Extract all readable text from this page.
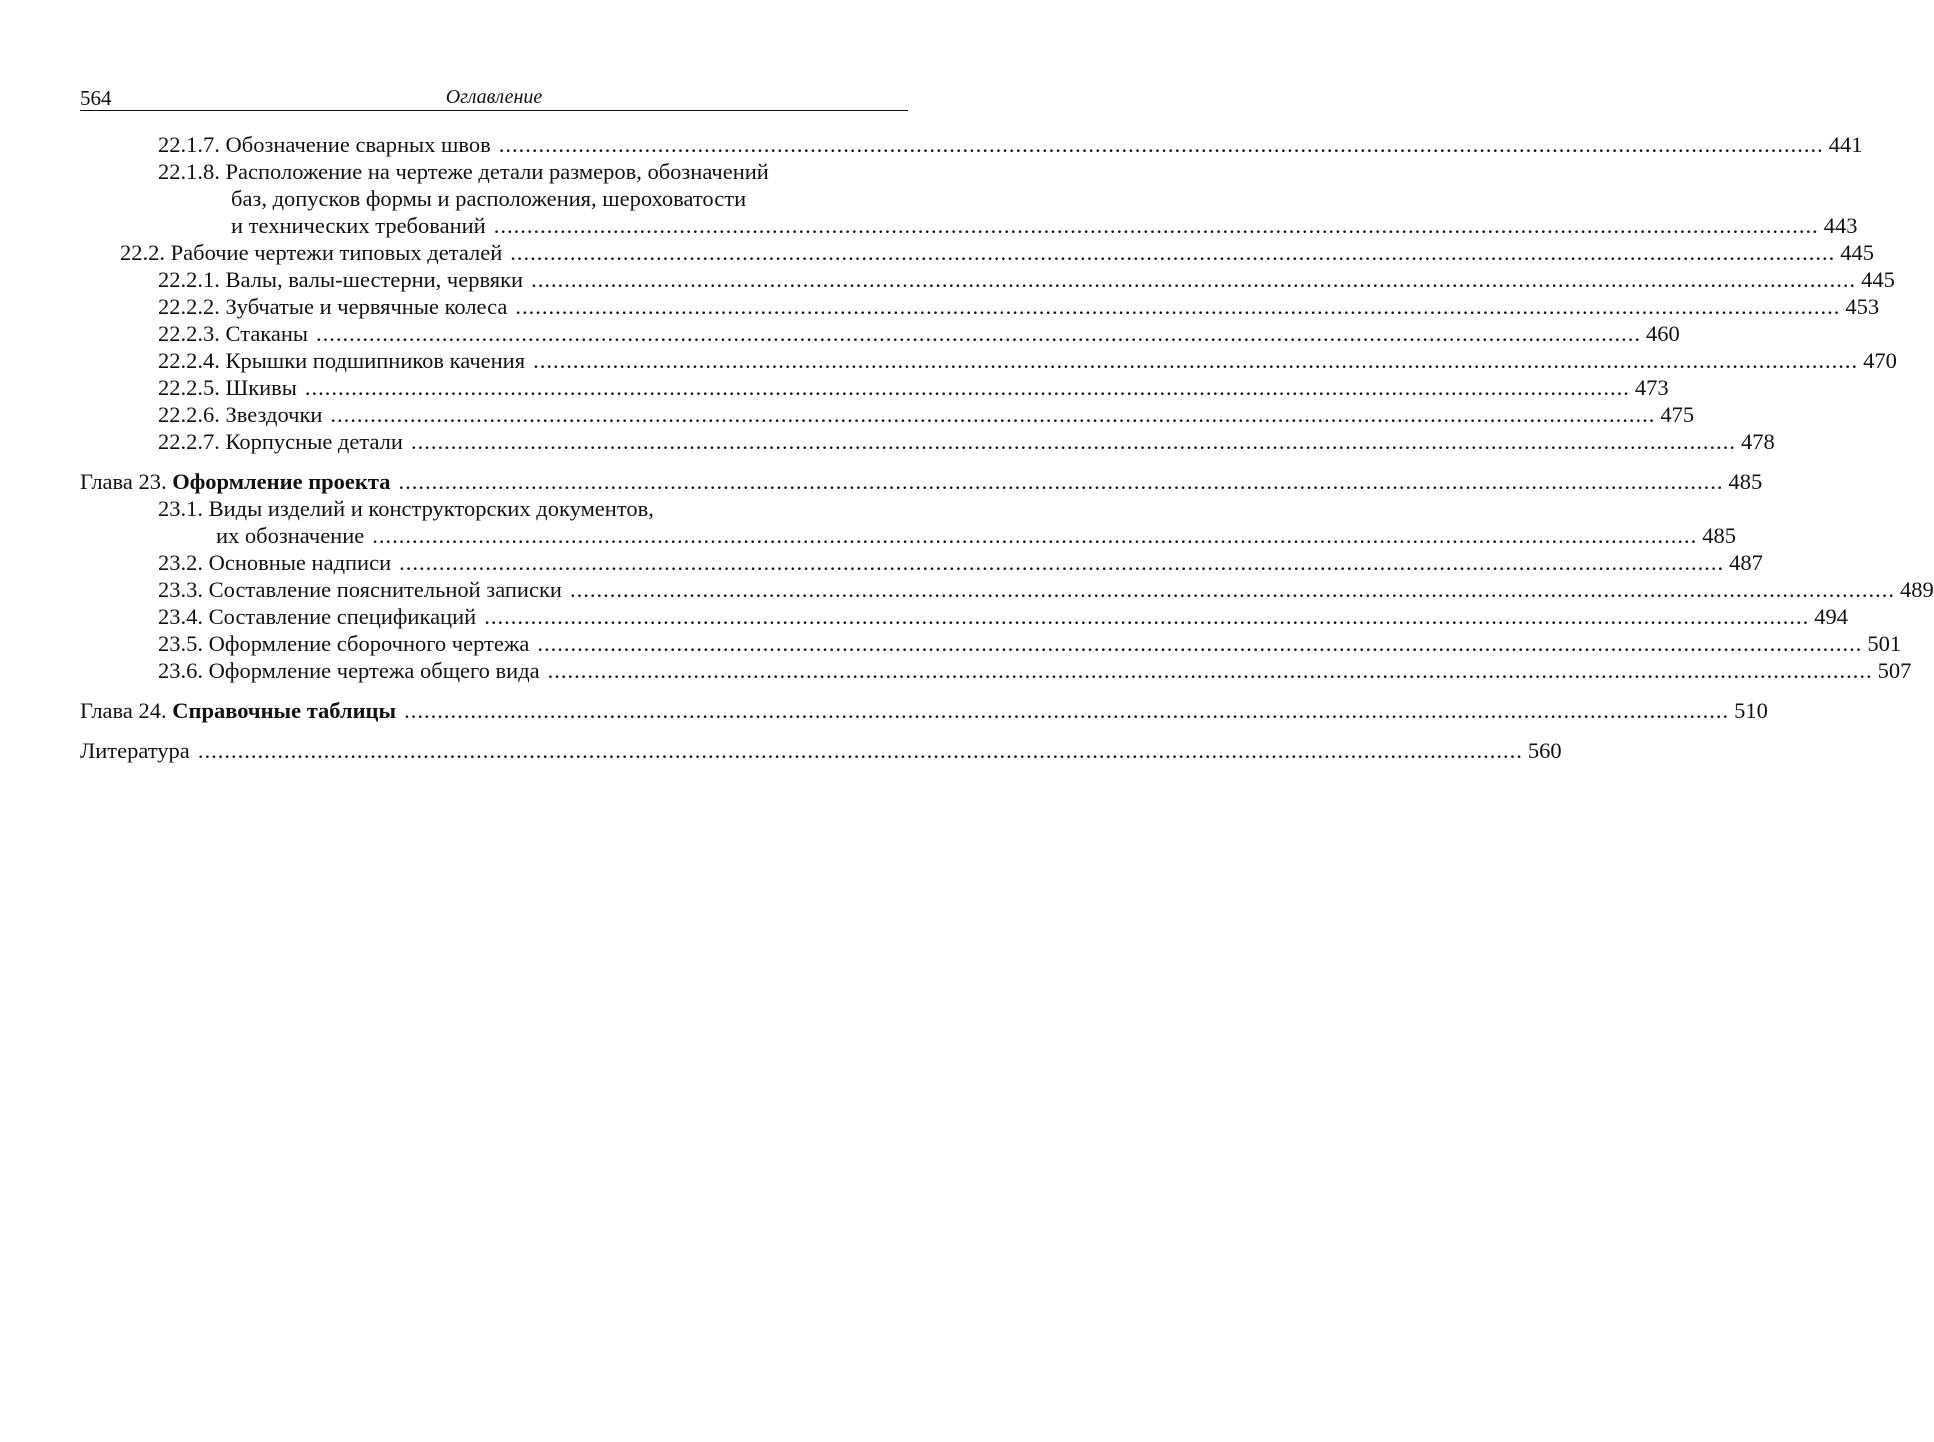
564	Оглавление
22.1.7.
Обозначение сварных швов ........................................................................................................................................................................................................ 441
22.1.8.
Расположение на чертеже детали размеров, обозначений
баз, допусков формы и расположения, шероховатости
и технических требований ........................................................................................................................................................................................................ 443
22.2.
Рабочие чертежи типовых деталей ........................................................................................................................................................................................................ 445
22.2.1.
Валы, валы-шестерни, червяки ........................................................................................................................................................................................................ 445
22.2.2.
Зубчатые и червячные колеса ........................................................................................................................................................................................................ 453
22.2.3.
Стаканы ........................................................................................................................................................................................................ 460
22.2.4.
Крышки подшипников качения ........................................................................................................................................................................................................ 470
22.2.5.
Шкивы ........................................................................................................................................................................................................ 473
22.2.6.
Звездочки ........................................................................................................................................................................................................ 475
22.2.7.
Корпусные детали ........................................................................................................................................................................................................ 478
Глава 23.
Оформление проекта ........................................................................................................................................................................................................ 485
23.1.
Виды изделий и конструкторских документов,
их обозначение ........................................................................................................................................................................................................ 485
23.2.
Основные надписи ........................................................................................................................................................................................................ 487
23.3.
Составление пояснительной записки ........................................................................................................................................................................................................ 489
23.4.
Составление спецификаций ........................................................................................................................................................................................................ 494
23.5.
Оформление сборочного чертежа ........................................................................................................................................................................................................ 501
23.6.
Оформление чертежа общего вида ........................................................................................................................................................................................................ 507
Глава 24.
Справочные таблицы ........................................................................................................................................................................................................ 510
Литература ........................................................................................................................................................................................................ 560
